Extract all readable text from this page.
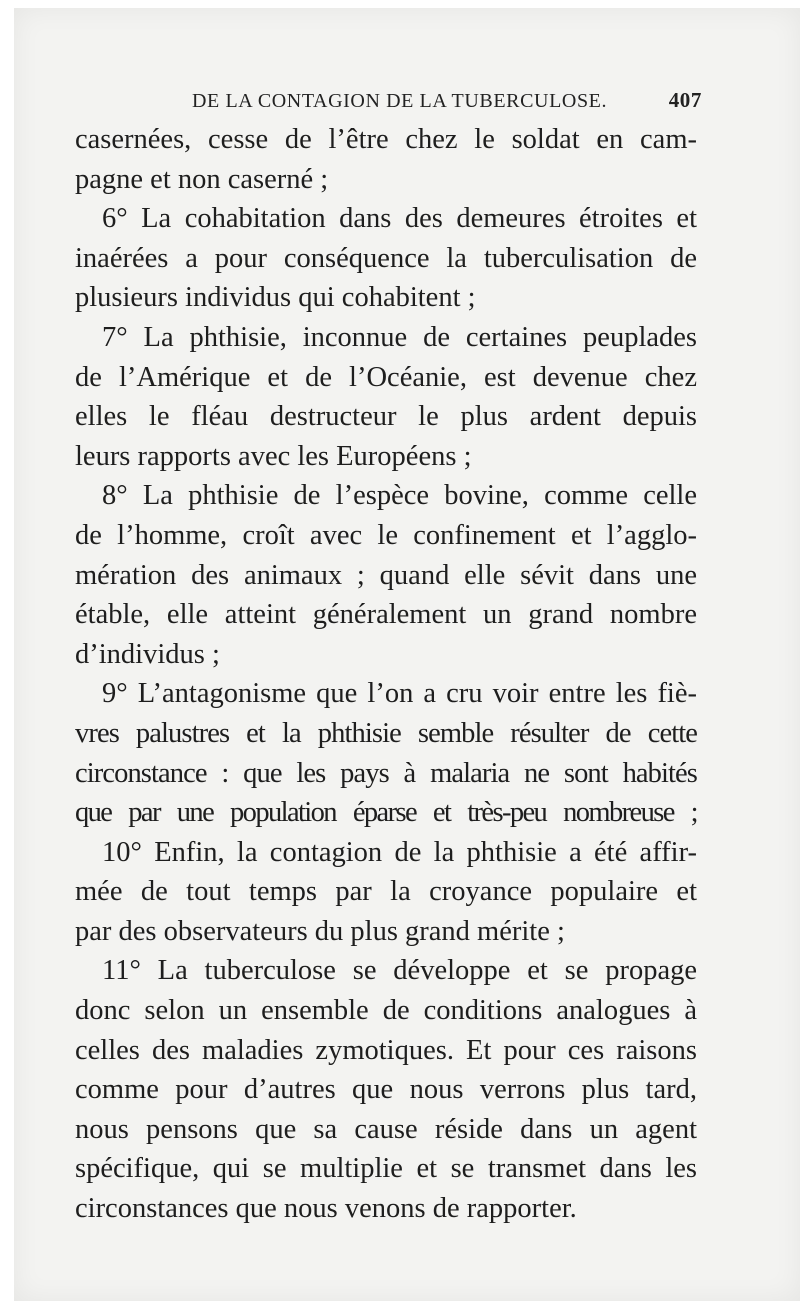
DE LA CONTAGION DE LA TUBERCULOSE.	407

casernées, cesse de l’être chez le soldat en cam-
pagne et non caserné ;

6° La cohabitation dans des demeures étroites et
inaérées a pour conséquence la tuberculisation de
plusieurs individus qui cohabitent ;

7° La phthisie, inconnue de certaines peuplades
de l’Amérique et de l’Océanie, est devenue chez
elles le fléau destructeur le plus ardent depuis
leurs rapports avec les Européens ;

8° La phthisie de l’espèce bovine, comme celle
de l’homme, croît avec le confinement et l’agglo-
mération des animaux ; quand elle sévit dans une
étable, elle atteint généralement un grand nombre
d’individus ;

9° L’antagonisme que l’on a cru voir entre les fiè-
vres palustres et la phthisie semble résulter de cette
circonstance : que les pays à malaria ne sont habités
que par une population éparse et très-peu nombreuse ;

10° Enfin, la contagion de la phthisie a été affir-
mée de tout temps par la croyance populaire et
par des observateurs du plus grand mérite ;

11° La tuberculose se développe et se propage
donc selon un ensemble de conditions analogues à
celles des maladies zymotiques. Et pour ces raisons
comme pour d’autres que nous verrons plus tard,
nous pensons que sa cause réside dans un agent
spécifique, qui se multiplie et se transmet dans les
circonstances que nous venons de rapporter.
